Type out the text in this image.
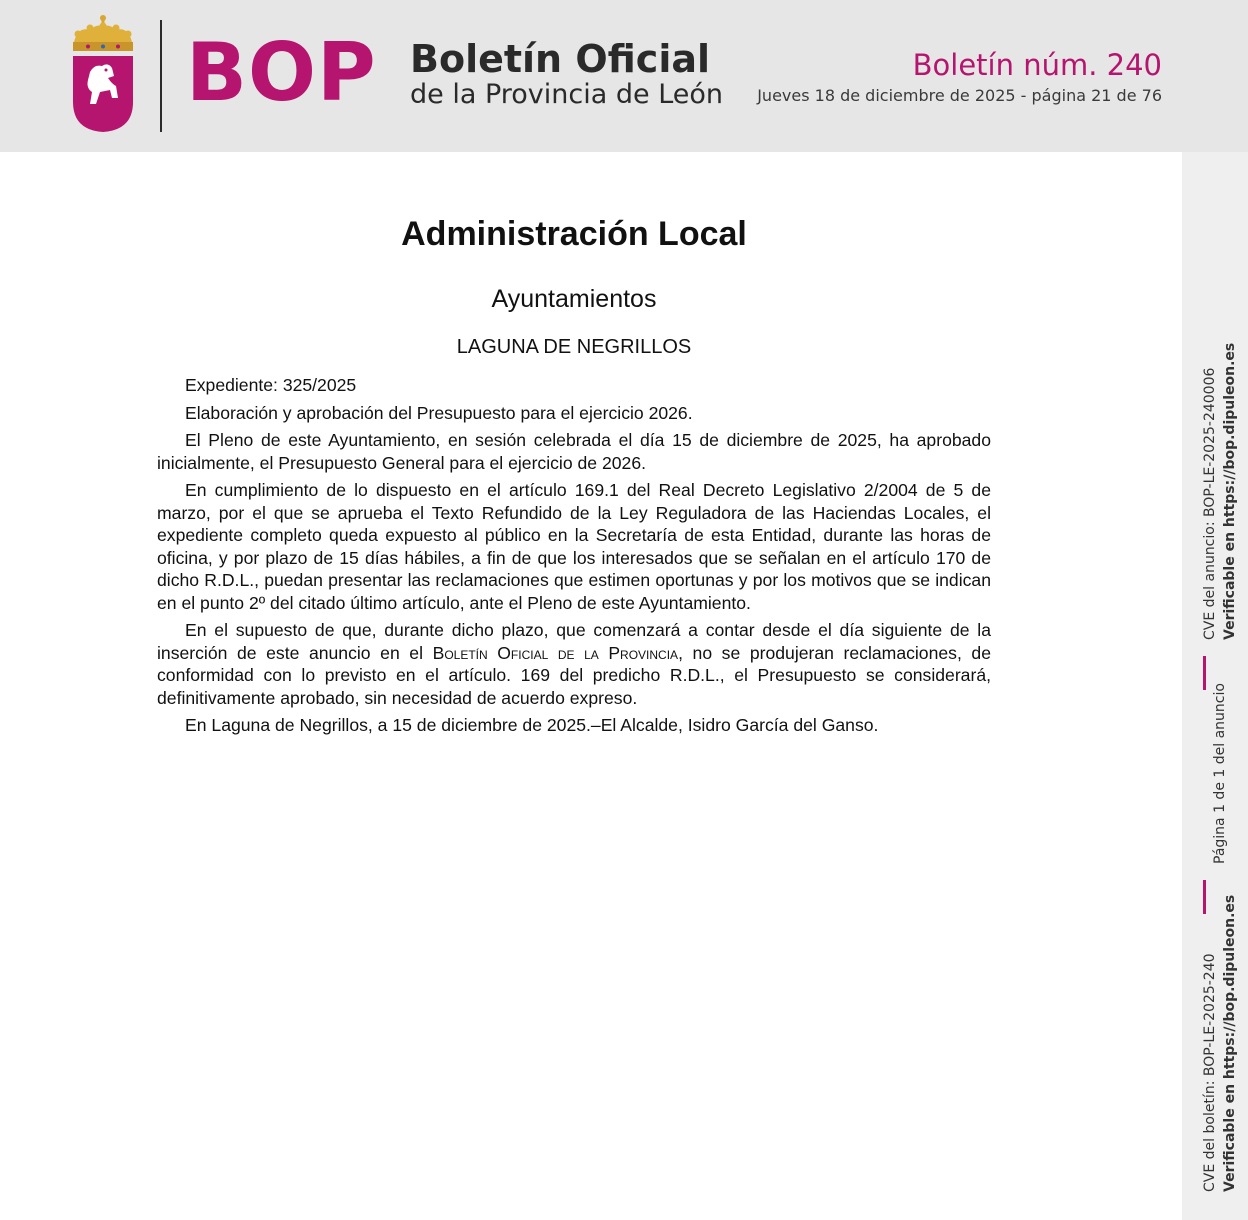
BOP Boletín Oficial
de la Provincia de León
Boletín núm. 240
Jueves 18 de diciembre de 2025 - página 21 de 76
CVE del anuncio: BOP-LE-2025-240006 Verificable en https://bop.dipuleon.es
Página 1 de 1 del anuncio
CVE del boletín: BOP-LE-2025-240 Verificable en https://bop.dipuleon.es
Administración Local
Ayuntamientos
LAGUNA DE NEGRILLOS

Expediente: 325/2025

Elaboración y aprobación del Presupuesto para el ejercicio 2026.

El Pleno de este Ayuntamiento, en sesión celebrada el día 15 de diciembre de 2025, ha aprobado inicialmente, el Presupuesto General para el ejercicio de 2026.

En cumplimiento de lo dispuesto en el artículo 169.1 del Real Decreto Legislativo 2/2004 de 5 de marzo, por el que se aprueba el Texto Refundido de la Ley Reguladora de las Haciendas Locales, el expediente completo queda expuesto al público en la Secretaría de esta Entidad, durante las horas de oficina, y por plazo de 15 días hábiles, a fin de que los interesados que se señalan en el artículo 170 de dicho R.D.L., puedan presentar las reclamaciones que estimen oportunas y por los motivos que se indican en el punto 2º del citado último artículo, ante el Pleno de este Ayuntamiento.

En el supuesto de que, durante dicho plazo, que comenzará a contar desde el día siguiente de la inserción de este anuncio en el Boletín Oficial de la Provincia, no se produjeran reclamaciones, de conformidad con lo previsto en el artículo. 169 del predicho R.D.L., el Presupuesto se considerará, definitivamente aprobado, sin necesidad de acuerdo expreso.

En Laguna de Negrillos, a 15 de diciembre de 2025.–El Alcalde, Isidro García del Ganso.
